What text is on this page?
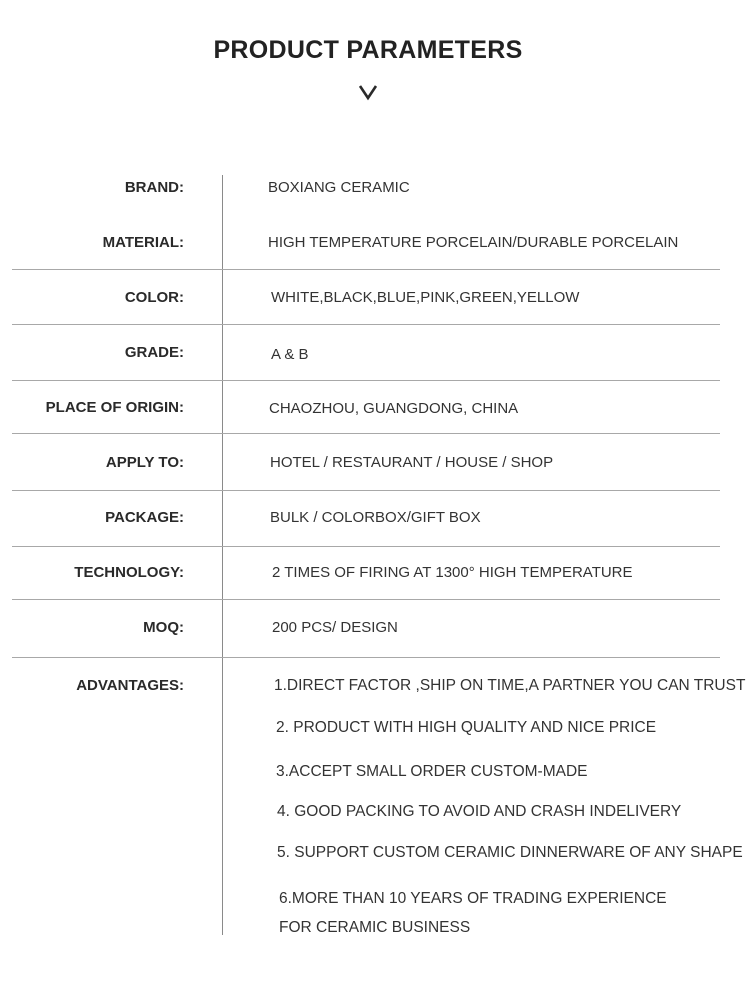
PRODUCT PARAMETERS
BRAND:	BOXIANG CERAMIC
MATERIAL:	HIGH TEMPERATURE PORCELAIN/DURABLE PORCELAIN
COLOR:	WHITE,BLACK,BLUE,PINK,GREEN,YELLOW
GRADE:	A & B
PLACE OF ORIGIN:	CHAOZHOU, GUANGDONG, CHINA
APPLY TO:	HOTEL / RESTAURANT / HOUSE / SHOP
PACKAGE:	BULK / COLORBOX/GIFT BOX
TECHNOLOGY:	2 TIMES OF FIRING AT 1300° HIGH TEMPERATURE
MOQ:	200 PCS/ DESIGN
ADVANTAGES:	1.DIRECT FACTOR ,SHIP ON TIME,A PARTNER YOU CAN TRUST
2. PRODUCT WITH HIGH QUALITY AND NICE PRICE
3.ACCEPT SMALL ORDER CUSTOM-MADE
4. GOOD PACKING TO AVOID AND CRASH INDELIVERY
5. SUPPORT CUSTOM CERAMIC DINNERWARE OF ANY SHAPE
6.MORE THAN 10 YEARS OF TRADING EXPERIENCE
FOR CERAMIC BUSINESS
